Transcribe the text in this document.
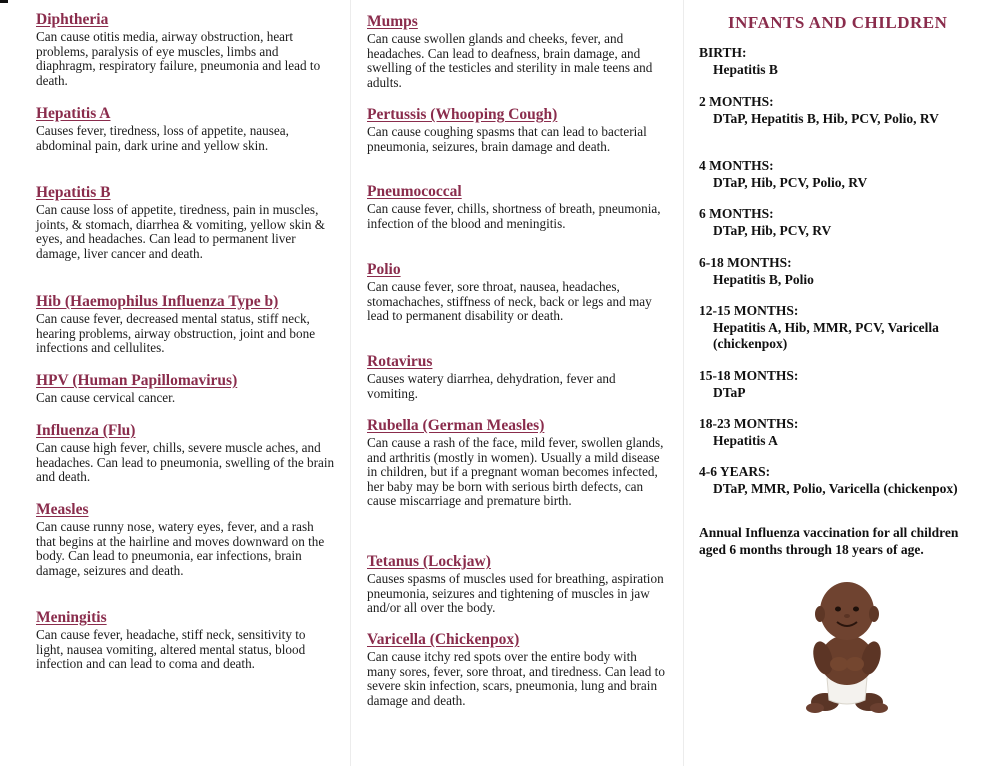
Diphtheria

Can cause otitis media, airway obstruction, heart problems, paralysis of eye muscles, limbs and diaphragm, respiratory failure, pneumonia and lead to death.

Hepatitis A

Causes fever, tiredness, loss of appetite, nausea, abdominal pain, dark urine and yellow skin.

Hepatitis B

Can cause loss of appetite, tiredness, pain in muscles, joints, & stomach, diarrhea & vomiting, yellow skin & eyes, and headaches. Can lead to permanent liver damage, liver cancer and death.

Hib (Haemophilus Influenza Type b)

Can cause fever, decreased mental status, stiff neck, hearing problems, airway obstruction, joint and bone infections and cellulites.

HPV (Human Papillomavirus)

Can cause cervical cancer.

Influenza (Flu)

Can cause high fever, chills, severe muscle aches, and headaches. Can lead to pneumonia, swelling of the brain and death.

Measles

Can cause runny nose, watery eyes, fever, and a rash that begins at the hairline and moves downward on the body. Can lead to pneumonia, ear infections, brain damage, seizures and death.

Meningitis

Can cause fever, headache, stiff neck, sensitivity to light, nausea vomiting, altered mental status, blood infection and can lead to coma and death.

Mumps

Can cause swollen glands and cheeks, fever, and headaches. Can lead to deafness, brain damage, and swelling of the testicles and sterility in male teens and adults.

Pertussis (Whooping Cough)

Can cause coughing spasms that can lead to bacterial pneumonia, seizures, brain damage and death.

Pneumococcal

Can cause fever, chills, shortness of breath, pneumonia, infection of the blood and meningitis.

Polio

Can cause fever, sore throat, nausea, headaches, stomachaches, stiffness of neck, back or legs and may lead to permanent disability or death.

Rotavirus

Causes watery diarrhea, dehydration, fever and vomiting.

Rubella (German Measles)

Can cause a rash of the face, mild fever, swollen glands, and arthritis (mostly in women). Usually a mild disease in children, but if a pregnant woman becomes infected, her baby may be born with serious birth defects, can cause miscarriage and premature birth.

Tetanus (Lockjaw)

Causes spasms of muscles used for breathing, aspiration pneumonia, seizures and tightening of muscles in jaw and/or all over the body.

Varicella (Chickenpox)

Can cause itchy red spots over the entire body with many sores, fever, sore throat, and tiredness. Can lead to severe skin infection, scars, pneumonia, lung and brain damage and death.

INFANTS AND CHILDREN
BIRTH:
Hepatitis B
2 MONTHS:
DTaP, Hepatitis B, Hib, PCV, Polio, RV
4 MONTHS:
DTaP, Hib, PCV, Polio, RV
6 MONTHS:
DTaP, Hib, PCV, RV
6-18 MONTHS:
Hepatitis B, Polio
12-15 MONTHS:
Hepatitis A, Hib, MMR, PCV, Varicella (chickenpox)
15-18 MONTHS:
DTaP
18-23 MONTHS:
Hepatitis A
4-6 YEARS:
DTaP, MMR, Polio, Varicella (chickenpox)

Annual Influenza vaccination for all children aged 6 months through 18 years of age.
